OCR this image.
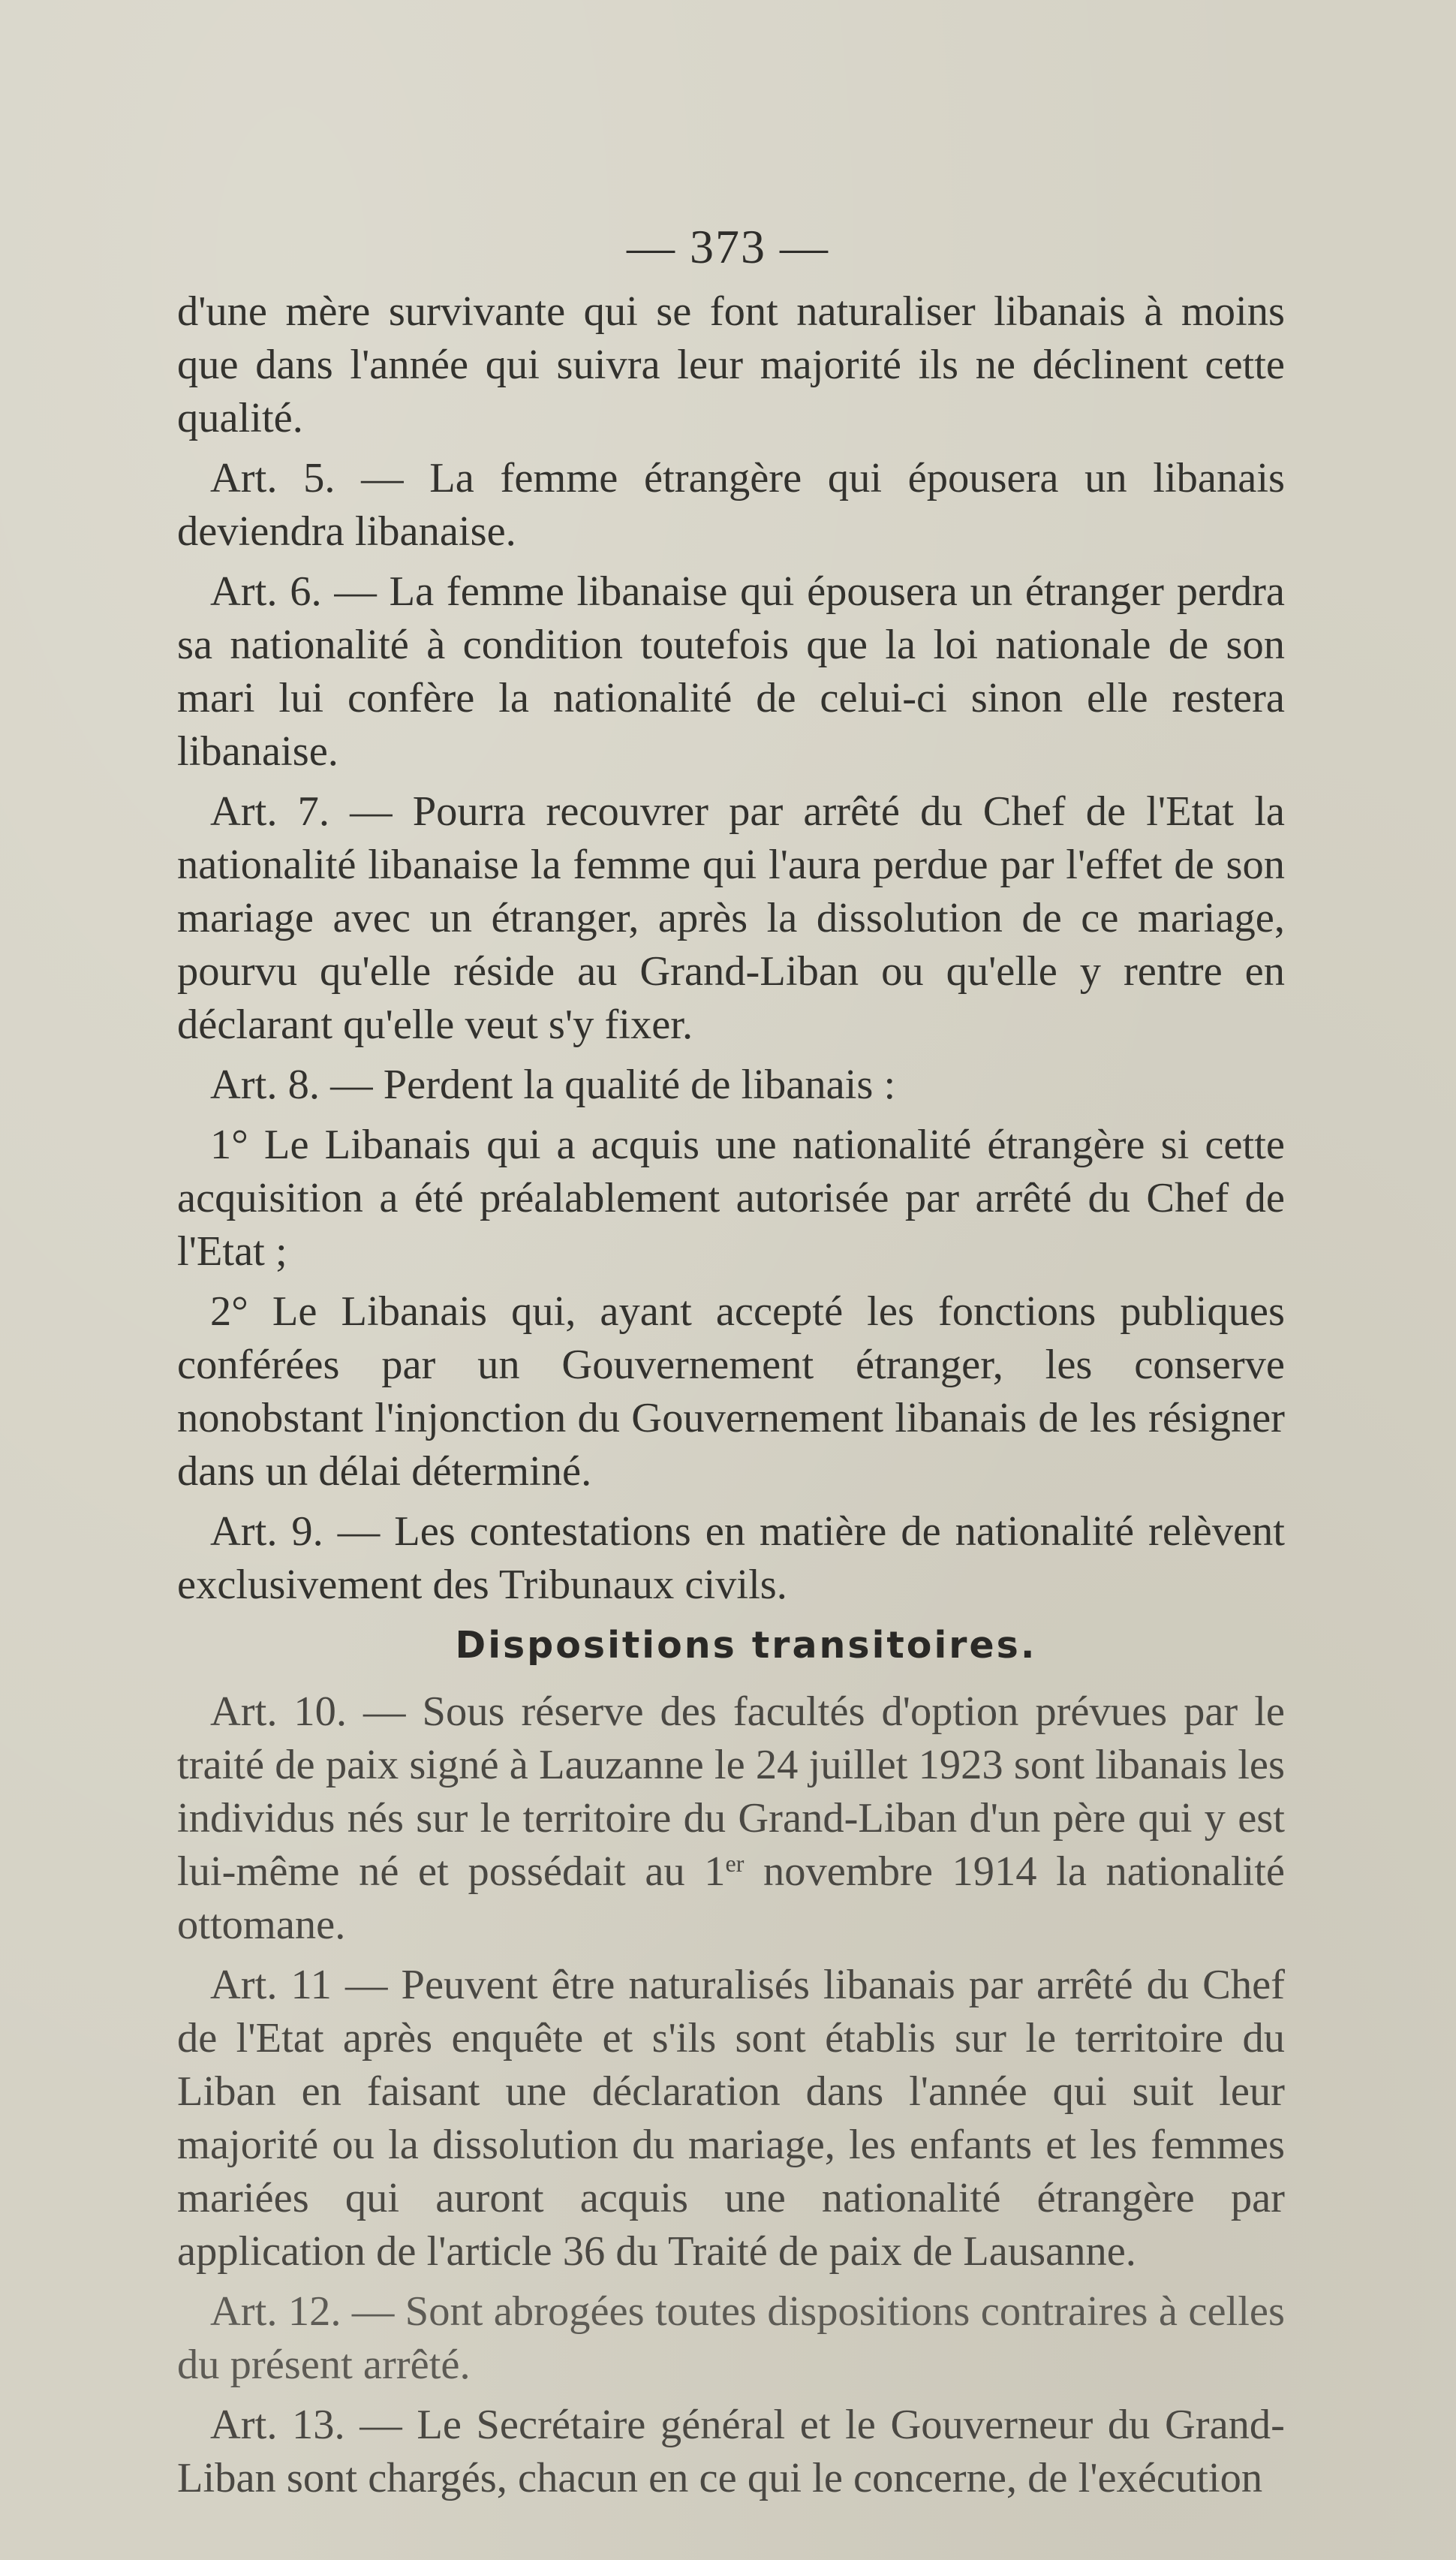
— 373 —

d'une mère survivante qui se font naturaliser libanais à moins que dans l'année qui suivra leur majorité ils ne déclinent cette qualité.

Art. 5. — La femme étrangère qui épousera un libanais deviendra libanaise.

Art. 6. — La femme libanaise qui épousera un étranger perdra sa nationalité à condition toutefois que la loi nationale de son mari lui confère la nationalité de celui-ci sinon elle restera libanaise.

Art. 7. — Pourra recouvrer par arrêté du Chef de l'Etat la nationalité libanaise la femme qui l'aura perdue par l'effet de son mariage avec un étranger, après la dissolution de ce mariage, pourvu qu'elle réside au Grand-Liban ou qu'elle y rentre en déclarant qu'elle veut s'y fixer.

Art. 8. — Perdent la qualité de libanais :

1° Le Libanais qui a acquis une nationalité étrangère si cette acquisition a été préalablement autorisée par arrêté du Chef de l'Etat ;

2° Le Libanais qui, ayant accepté les fonctions publiques conférées par un Gouvernement étranger, les conserve nonobstant l'injonction du Gouvernement libanais de les résigner dans un délai déterminé.

Art. 9. — Les contestations en matière de nationalité relèvent exclusivement des Tribunaux civils.

Dispositions transitoires.

Art. 10. — Sous réserve des facultés d'option prévues par le traité de paix signé à Lauzanne le 24 juillet 1923 sont libanais les individus nés sur le territoire du Grand-Liban d'un père qui y est lui-même né et possédait au 1er novembre 1914 la nationalité ottomane.

Art. 11 — Peuvent être naturalisés libanais par arrêté du Chef de l'Etat après enquête et s'ils sont établis sur le territoire du Liban en faisant une déclaration dans l'année qui suit leur majorité ou la dissolution du mariage, les enfants et les femmes mariées qui auront acquis une nationalité étrangère par application de l'article 36 du Traité de paix de Lausanne.

Art. 12. — Sont abrogées toutes dispositions contraires à celles du présent arrêté.

Art. 13. — Le Secrétaire général et le Gouverneur du Grand-Liban sont chargés, chacun en ce qui le concerne, de l'exécution
